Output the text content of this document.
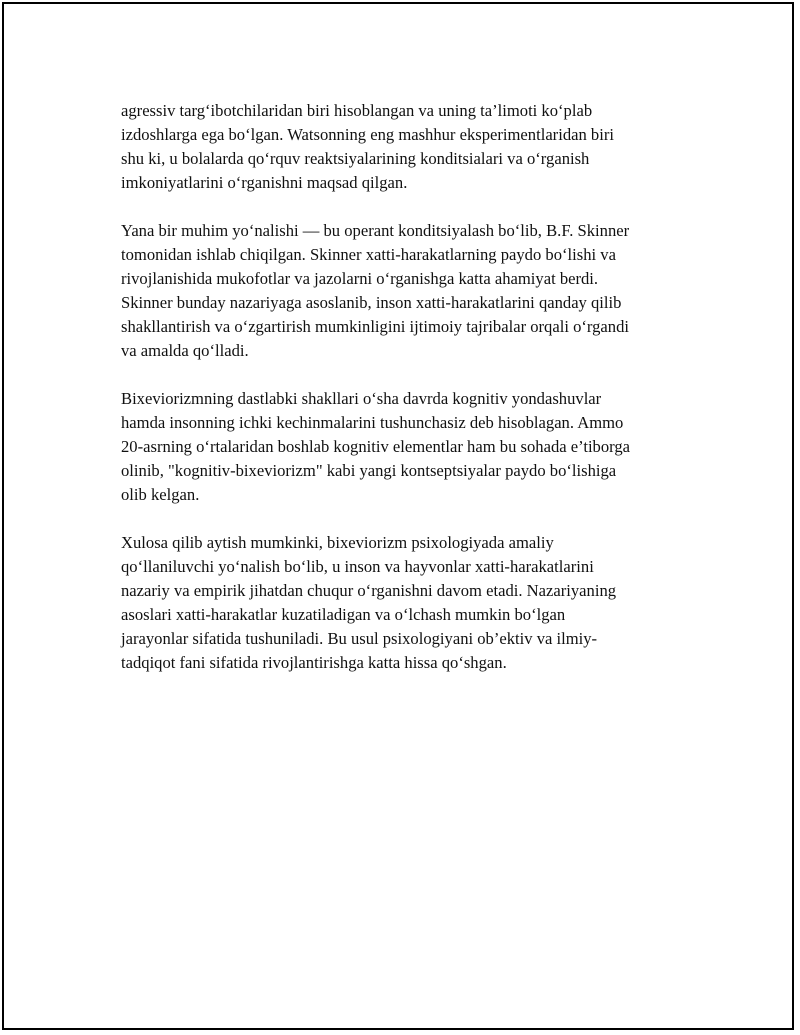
agressiv targ‘ibotchilaridan biri hisoblangan va uning ta’limoti ko‘plab
izdoshlarga ega bo‘lgan. Watsonning eng mashhur eksperimentlaridan biri
shu ki, u bolalarda qo‘rquv reaktsiyalarining konditsialari va o‘rganish
imkoniyatlarini o‘rganishni maqsad qilgan.

Yana bir muhim yo‘nalishi — bu operant konditsiyalash bo‘lib, B.F. Skinner
tomonidan ishlab chiqilgan. Skinner xatti-harakatlarning paydo bo‘lishi va
rivojlanishida mukofotlar va jazolarni o‘rganishga katta ahamiyat berdi.
Skinner bunday nazariyaga asoslanib, inson xatti-harakatlarini qanday qilib
shakllantirish va o‘zgartirish mumkinligini ijtimoiy tajribalar orqali o‘rgandi
va amalda qo‘lladi.

Bixeviorizmning dastlabki shakllari o‘sha davrda kognitiv yondashuvlar
hamda insonning ichki kechinmalarini tushunchasiz deb hisoblagan. Ammo
20-asrning o‘rtalaridan boshlab kognitiv elementlar ham bu sohada e’tiborga
olinib, "kognitiv-bixeviorizm" kabi yangi kontseptsiyalar paydo bo‘lishiga
olib kelgan.

Xulosa qilib aytish mumkinki, bixeviorizm psixologiyada amaliy
qo‘llaniluvchi yo‘nalish bo‘lib, u inson va hayvonlar xatti-harakatlarini
nazariy va empirik jihatdan chuqur o‘rganishni davom etadi. Nazariyaning
asoslari xatti-harakatlar kuzatiladigan va o‘lchash mumkin bo‘lgan
jarayonlar sifatida tushuniladi. Bu usul psixologiyani ob’ektiv va ilmiy-
tadqiqot fani sifatida rivojlantirishga katta hissa qo‘shgan.
